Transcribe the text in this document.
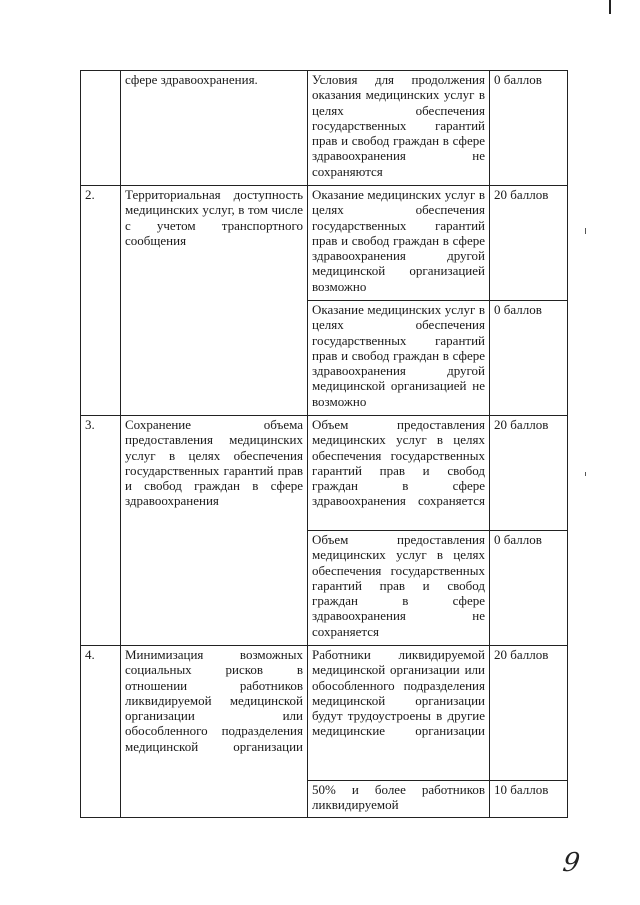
	сфере здравоохранения.	Условия для продолжения оказания медицинских услуг в целях обеспечения государственных гарантий прав и свобод граждан в сфере здравоохранения не сохраняются	0 баллов
2.	Территориальная доступность медицинских услуг, в том числе с учетом транспортного сообщения	Оказание медицинских услуг в целях обеспечения государственных гарантий прав и свобод граждан в сфере здравоохранения другой медицинской организацией возможно	20 баллов
		Оказание медицинских услуг в целях обеспечения государственных гарантий прав и свобод граждан в сфере здравоохранения другой медицинской организацией не возможно	0 баллов
3.	Сохранение объема предоставления медицинских услуг в целях обеспечения государственных гарантий прав и свобод граждан в сфере здравоохранения	Объем предоставления медицинских услуг в целях обеспечения государственных гарантий прав и свобод граждан в сфере здравоохранения сохраняется	20 баллов
		Объем предоставления медицинских услуг в целях обеспечения государственных гарантий прав и свобод граждан в сфере здравоохранения не сохраняется	0 баллов
4.	Минимизация возможных социальных рисков в отношении работников ликвидируемой медицинской организации или обособленного подразделения медицинской организации	Работники ликвидируемой медицинской организации или обособленного подразделения медицинской организации будут трудоустроены в другие медицинские организации	20 баллов
		50% и более работников ликвидируемой	10 баллов
9
